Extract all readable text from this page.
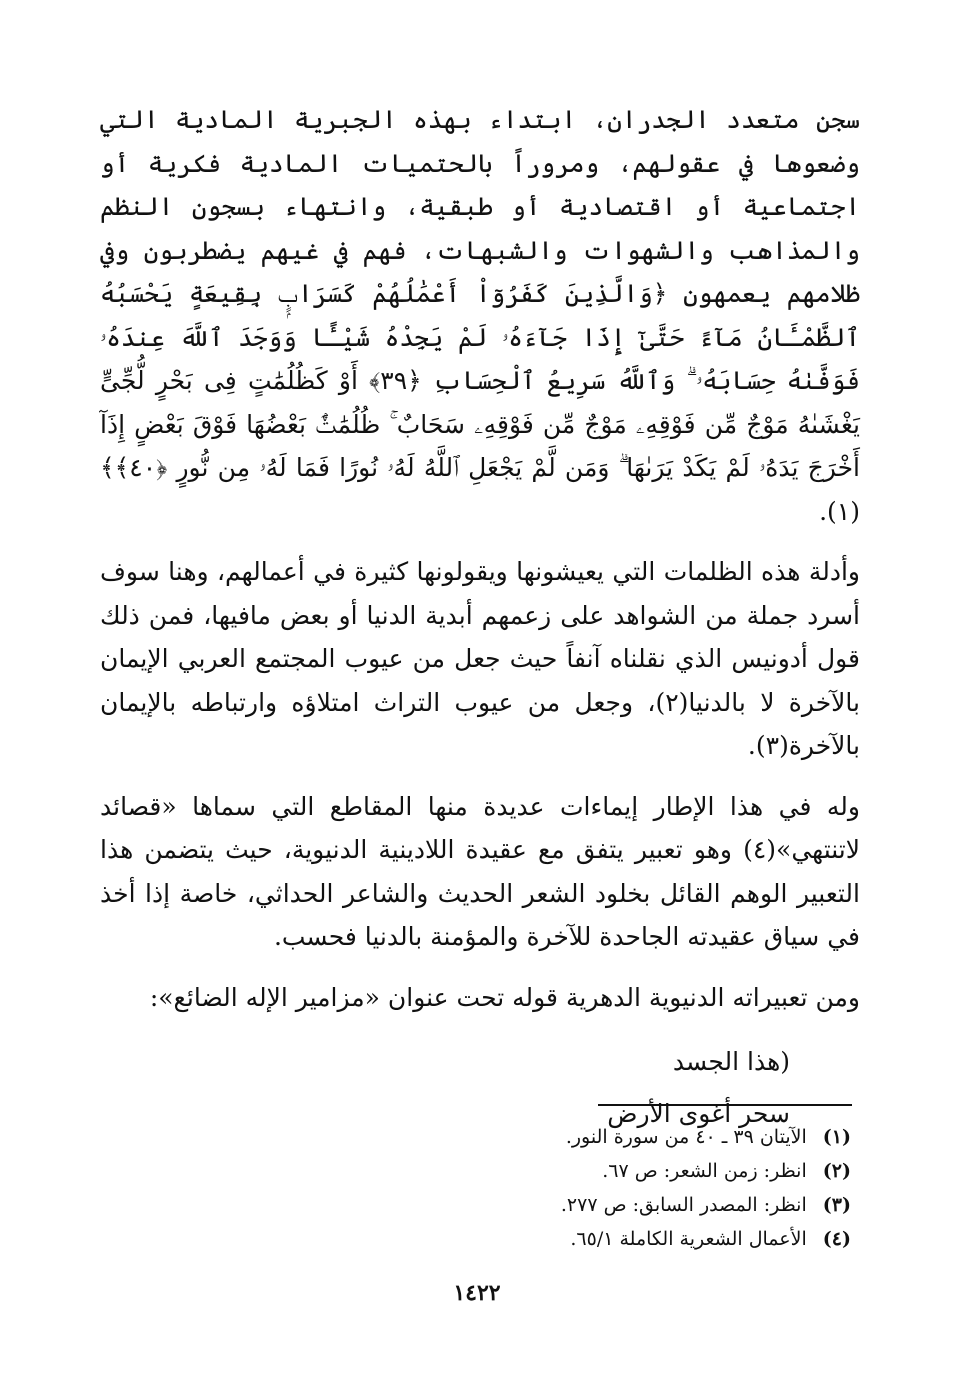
سجن متعدد الجدران، ابتداء بهذه الجبرية المادية التي وضعوها في عقولهم، ومروراً بالحتميات المادية فكرية أو اجتماعية أو اقتصادية أو طبقية، وانتهاء بسجون النظم والمذاهب والشهوات والشبهات، فهم في غيهم يضطربون وفي ظلامهم يعمهون ﴿وَالَّذِينَ كَفَرُوٓاْ أَعْمَٰلُهُمْ كَسَرَابٍۭ بِقِيعَةٍ يَحْسَبُهُ ٱلظَّمْـَٔانُ مَآءً حَتَّىٰٓ إِذَا جَآءَهُۥ لَمْ يَجِدْهُ شَيْـًٔا وَوَجَدَ ٱللَّهَ عِندَهُۥ فَوَفَّىٰهُ حِسَابَهُۥ ۗ وَٱللَّهُ سَرِيعُ ٱلْحِسَابِ ﴿٣٩﴾ أَوْ كَظُلُمَٰتٍ فِى بَحْرٍ لُّجِّىٍّ يَغْشَىٰهُ مَوْجٌ مِّن فَوْقِهِۦ مَوْجٌ مِّن فَوْقِهِۦ سَحَابٌ ۚ ظُلُمَٰتٌۢ بَعْضُهَا فَوْقَ بَعْضٍ إِذَآ أَخْرَجَ يَدَهُۥ لَمْ يَكَدْ يَرَىٰهَا ۗ وَمَن لَّمْ يَجْعَلِ ٱللَّهُ لَهُۥ نُورًا فَمَا لَهُۥ مِن نُّورٍ ﴿٤٠﴾﴾(١).

وأدلة هذه الظلمات التي يعيشونها ويقولونها كثيرة في أعمالهم، وهنا سوف أسرد جملة من الشواهد على زعمهم أبدية الدنيا أو بعض مافيها، فمن ذلك قول أدونيس الذي نقلناه آنفاً حيث جعل من عيوب المجتمع العربي الإيمان بالآخرة لا بالدنيا(٢)، وجعل من عيوب التراث امتلاؤه وارتباطه بالإيمان بالآخرة(٣).

وله في هذا الإطار إيماءات عديدة منها المقاطع التي سماها «قصائد لاتنتهي»(٤) وهو تعبير يتفق مع عقيدة اللادينية الدنيوية، حيث يتضمن هذا التعبير الوهم القائل بخلود الشعر الحديث والشاعر الحداثي، خاصة إذا أخذ في سياق عقيدته الجاحدة للآخرة والمؤمنة بالدنيا فحسب.

ومن تعبيراته الدنيوية الدهرية قوله تحت عنوان «مزامير الإله الضائع»:

(هذا الجسد
سحر أغوى الأرض
(١) الآيتان ٣٩ ـ ٤٠ من سورة النور.
(٢) انظر: زمن الشعر: ص ٦٧.
(٣) انظر: المصدر السابق: ص ٢٧٧.
(٤) الأعمال الشعرية الكاملة ٦٥/١.
١٤٢٢
